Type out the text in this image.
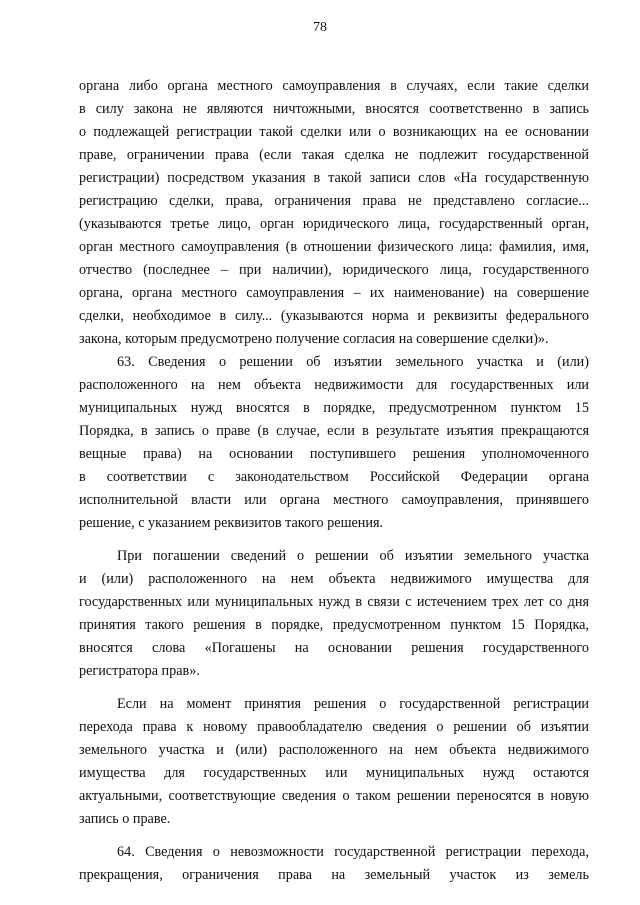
78
органа либо органа местного самоуправления в случаях, если такие сделки
в силу закона не являются ничтожными, вносятся соответственно в запись
о подлежащей регистрации такой сделки или о возникающих на ее основании
праве, ограничении права (если такая сделка не подлежит государственной
регистрации) посредством указания в такой записи слов «На государственную
регистрацию сделки, права, ограничения права не представлено согласие...
(указываются третье лицо, орган юридического лица, государственный орган,
орган местного самоуправления (в отношении физического лица: фамилия, имя,
отчество (последнее – при наличии), юридического лица, государственного
органа, органа местного самоуправления – их наименование) на совершение
сделки, необходимое в силу... (указываются норма и реквизиты федерального
закона, которым предусмотрено получение согласия на совершение сделки)».
63. Сведения о решении об изъятии земельного участка и (или)
расположенного на нем объекта недвижимости для государственных или
муниципальных нужд вносятся в порядке, предусмотренном пунктом 15
Порядка, в запись о праве (в случае, если в результате изъятия прекращаются
вещные права) на основании поступившего решения уполномоченного
в соответствии с законодательством Российской Федерации органа
исполнительной власти или органа местного самоуправления, принявшего
решение, с указанием реквизитов такого решения.
При погашении сведений о решении об изъятии земельного участка
и (или) расположенного на нем объекта недвижимого имущества для
государственных или муниципальных нужд в связи с истечением трех лет со дня
принятия такого решения в порядке, предусмотренном пунктом 15 Порядка,
вносятся слова «Погашены на основании решения государственного
регистратора прав».
Если на момент принятия решения о государственной регистрации
перехода права к новому правообладателю сведения о решении об изъятии
земельного участка и (или) расположенного на нем объекта недвижимого
имущества для государственных или муниципальных нужд остаются
актуальными, соответствующие сведения о таком решении переносятся в новую
запись о праве.
64. Сведения о невозможности государственной регистрации перехода,
прекращения, ограничения права на земельный участок из земель
